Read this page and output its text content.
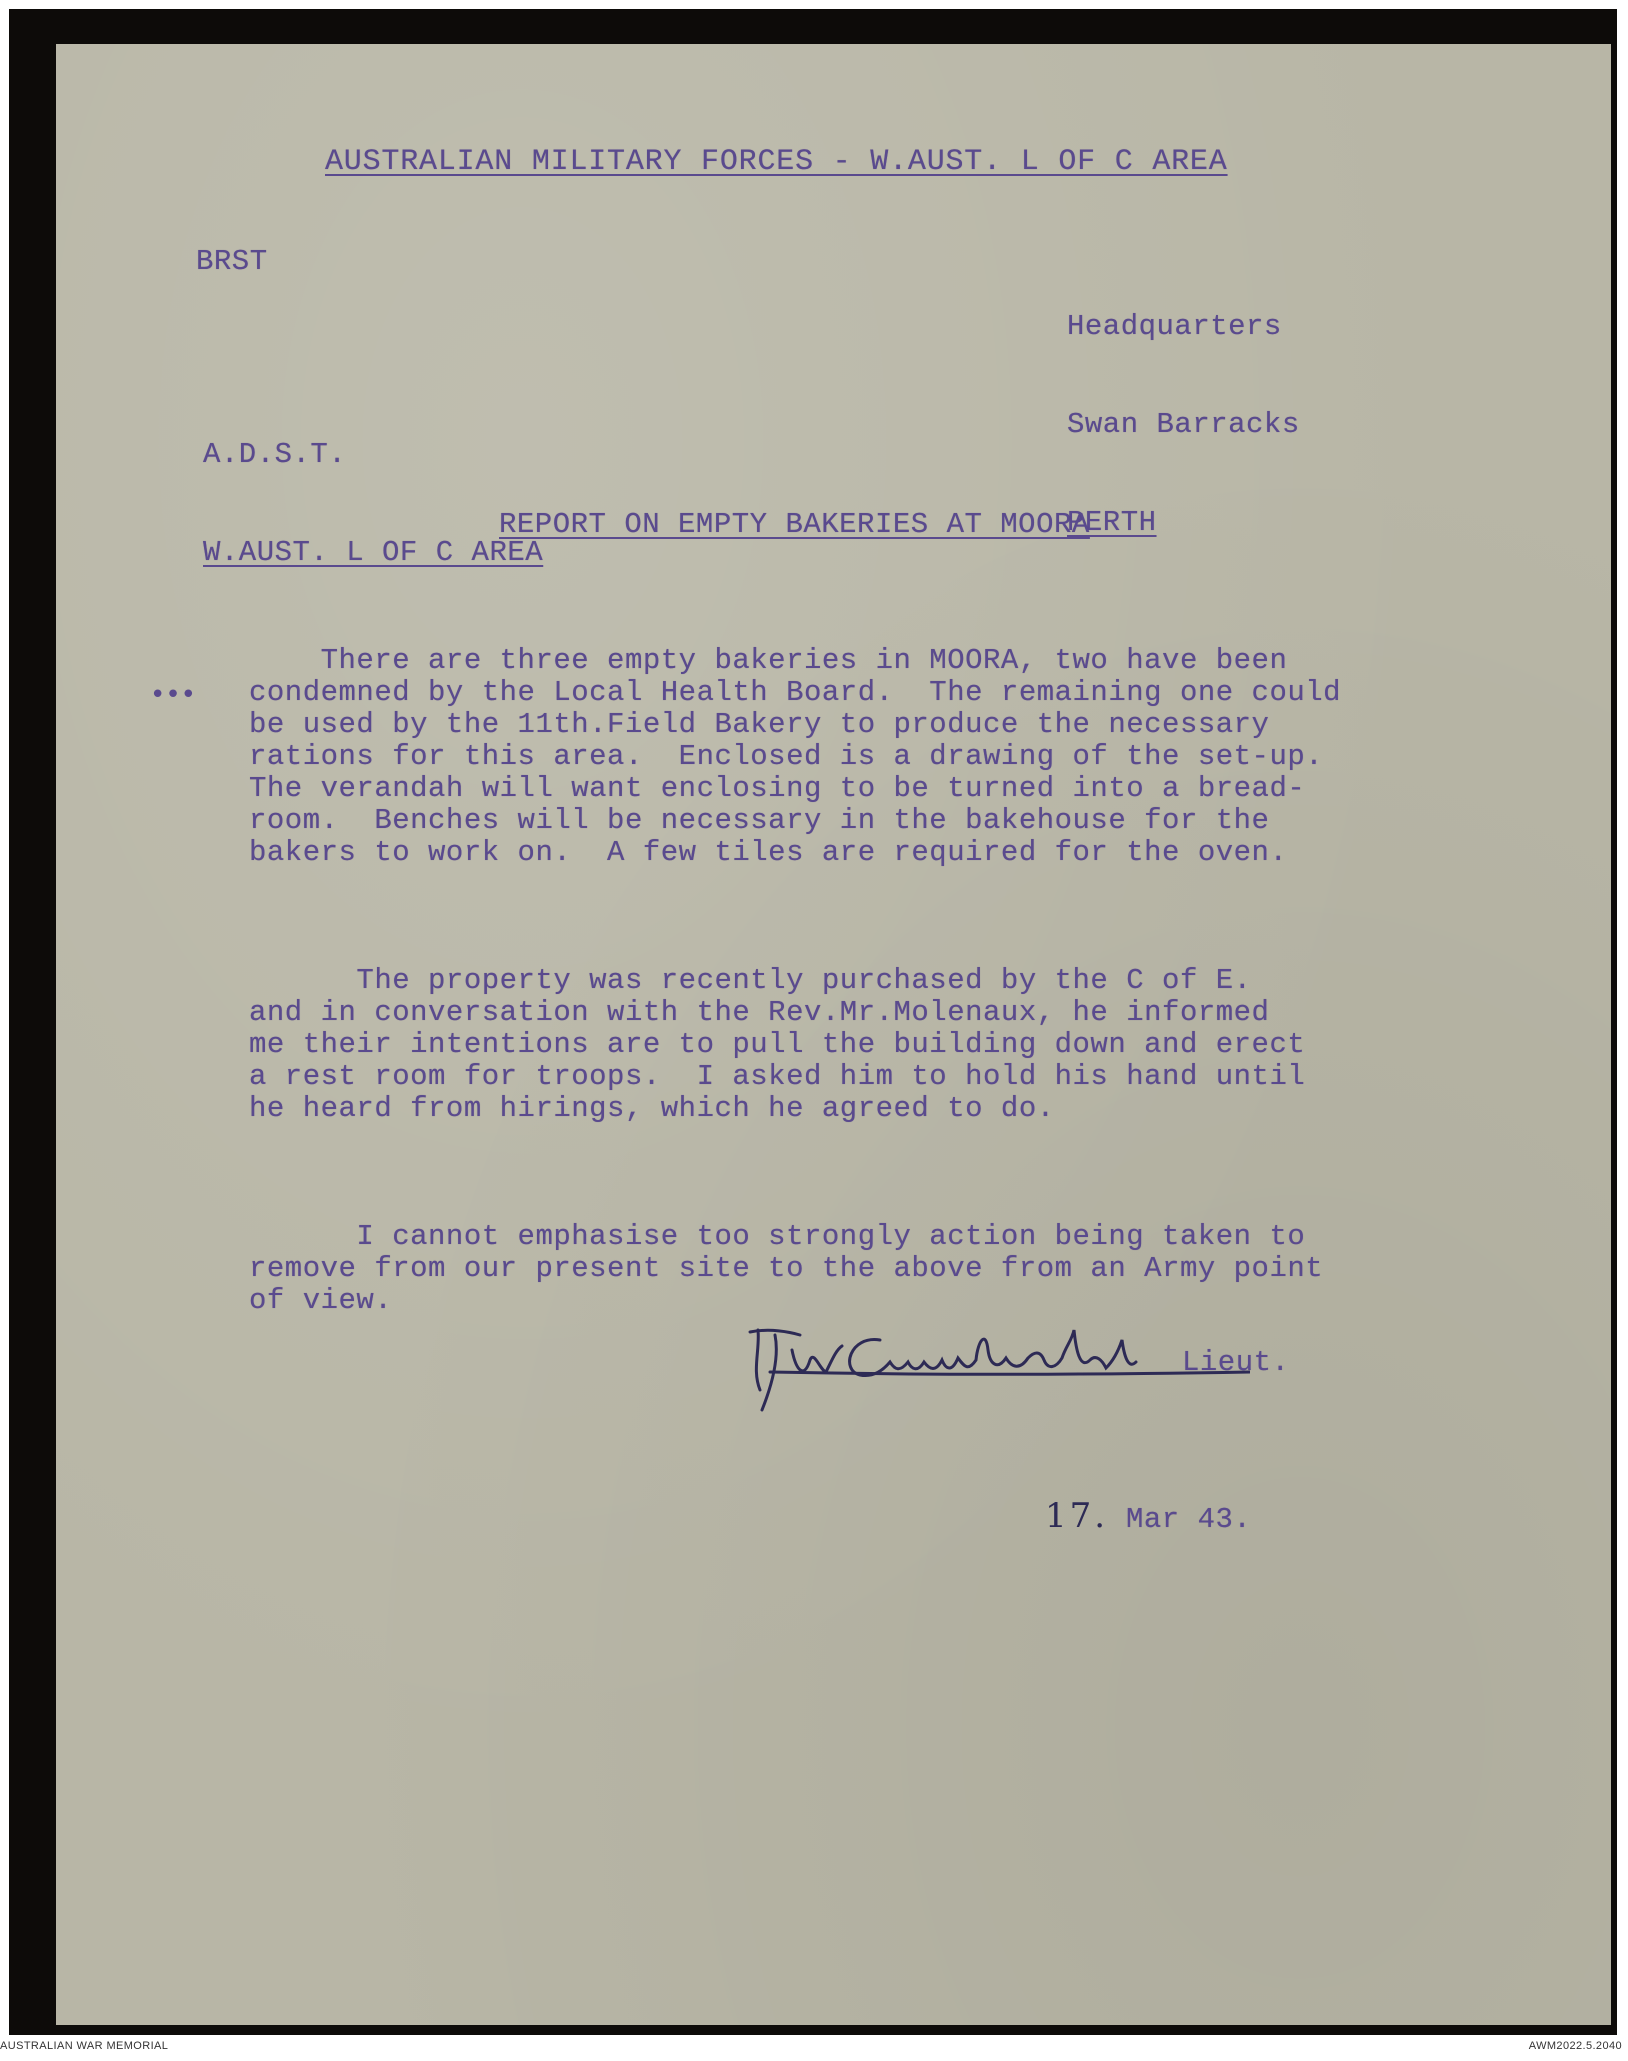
AUSTRALIAN MILITARY FORCES - W.AUST. L OF C AREA
BRST

Headquarters

Swan Barracks

PERTH

A.D.S.T.

W.AUST. L OF C AREA

REPORT ON EMPTY BAKERIES AT MOORA

There are three empty bakeries in MOORA, two have been
condemned by the Local Health Board.  The remaining one could
be used by the 11th.Field Bakery to produce the necessary
rations for this area.  Enclosed is a drawing of the set-up.
The verandah will want enclosing to be turned into a bread-
room.  Benches will be necessary in the bakehouse for the
bakers to work on.  A few tiles are required for the oven.

The property was recently purchased by the C of E.
and in conversation with the Rev.Mr.Molenaux, he informed
me their intentions are to pull the building down and erect
a rest room for troops.  I asked him to hold his hand until
he heard from hirings, which he agreed to do.

I cannot emphasise too strongly action being taken to
remove from our present site to the above from an Army point
of view.

•••
Lieut.
17. Mar 43.
AUSTRALIAN WAR MEMORIAL	AWM2022.5.2040
